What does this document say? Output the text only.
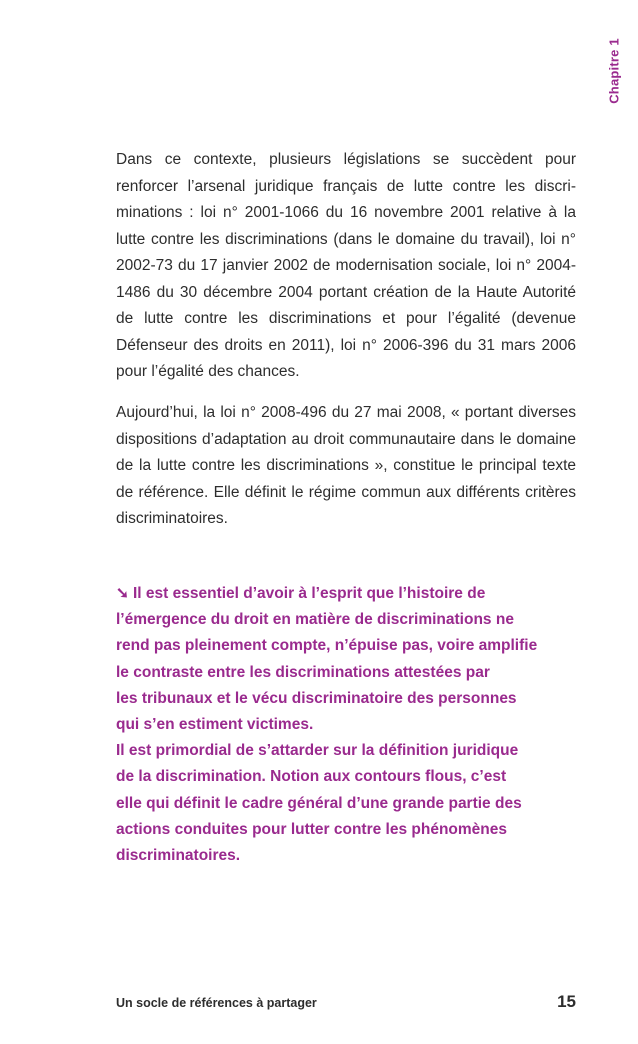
Chapitre 1

Dans ce contexte, plusieurs législations se succèdent pour renforcer l’arsenal juridique français de lutte contre les discriminations : loi n° 2001-1066 du 16 novembre 2001 relative à la lutte contre les discriminations (dans le domaine du travail), loi n° 2002-73 du 17 janvier 2002 de modernisation sociale, loi n° 2004-1486 du 30 décembre 2004 portant création de la Haute Autorité de lutte contre les discriminations et pour l’égalité (devenue Défenseur des droits en 2011), loi n° 2006-396 du 31 mars 2006 pour l’égalité des chances.

Aujourd’hui, la loi n° 2008-496 du 27 mai 2008, « portant diverses dispositions d’adaptation au droit communautaire dans le domaine de la lutte contre les discriminations », constitue le principal texte de référence. Elle définit le régime commun aux différents critères discriminatoires.

➘ Il est essentiel d’avoir à l’esprit que l’histoire de
l’émergence du droit en matière de discriminations ne
rend pas pleinement compte, n’épuise pas, voire amplifie
le contraste entre les discriminations attestées par
les tribunaux et le vécu discriminatoire des personnes
qui s’en estiment victimes.
Il est primordial de s’attarder sur la définition juridique
de la discrimination. Notion aux contours flous, c’est
elle qui définit le cadre général d’une grande partie des
actions conduites pour lutter contre les phénomènes
discriminatoires.
Un socle de références à partager	15
